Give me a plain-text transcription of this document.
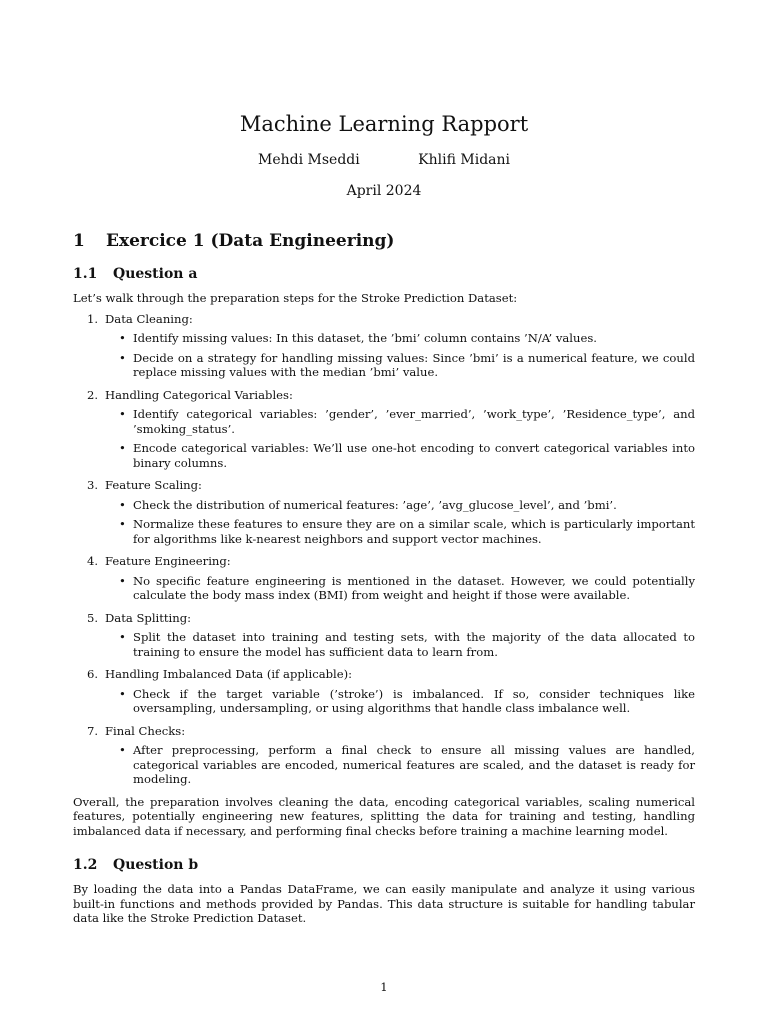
Machine Learning Rapport
Mehdi Mseddi	Khlifi Midani
April 2024
1 Exercice 1 (Data Engineering)
1.1 Question a

Let’s walk through the preparation steps for the Stroke Prediction Dataset:

1. Data Cleaning:
• Identify missing values: In this dataset, the ’bmi’ column contains ’N/A’ values.
• Decide on a strategy for handling missing values: Since ’bmi’ is a numerical feature, we could replace missing values with the median ’bmi’ value.
2. Handling Categorical Variables:
• Identify categorical variables: ’gender’, ’ever_married’, ’work_type’, ’Residence_type’, and ’smoking_status’.
• Encode categorical variables: We’ll use one-hot encoding to convert categorical variables into binary columns.
3. Feature Scaling:
• Check the distribution of numerical features: ’age’, ’avg_glucose_level’, and ’bmi’.
• Normalize these features to ensure they are on a similar scale, which is particularly important for algorithms like k-nearest neighbors and support vector machines.
4. Feature Engineering:
• No specific feature engineering is mentioned in the dataset. However, we could potentially calculate the body mass index (BMI) from weight and height if those were available.
5. Data Splitting:
• Split the dataset into training and testing sets, with the majority of the data allocated to training to ensure the model has sufficient data to learn from.
6. Handling Imbalanced Data (if applicable):
• Check if the target variable (’stroke’) is imbalanced. If so, consider techniques like oversampling, undersampling, or using algorithms that handle class imbalance well.
7. Final Checks:
• After preprocessing, perform a final check to ensure all missing values are handled, categorical variables are encoded, numerical features are scaled, and the dataset is ready for modeling.

Overall, the preparation involves cleaning the data, encoding categorical variables, scaling numerical features, potentially engineering new features, splitting the data for training and testing, handling imbalanced data if necessary, and performing final checks before training a machine learning model.

1.2 Question b

By loading the data into a Pandas DataFrame, we can easily manipulate and analyze it using various built-in functions and methods provided by Pandas. This data structure is suitable for handling tabular data like the Stroke Prediction Dataset.

1
